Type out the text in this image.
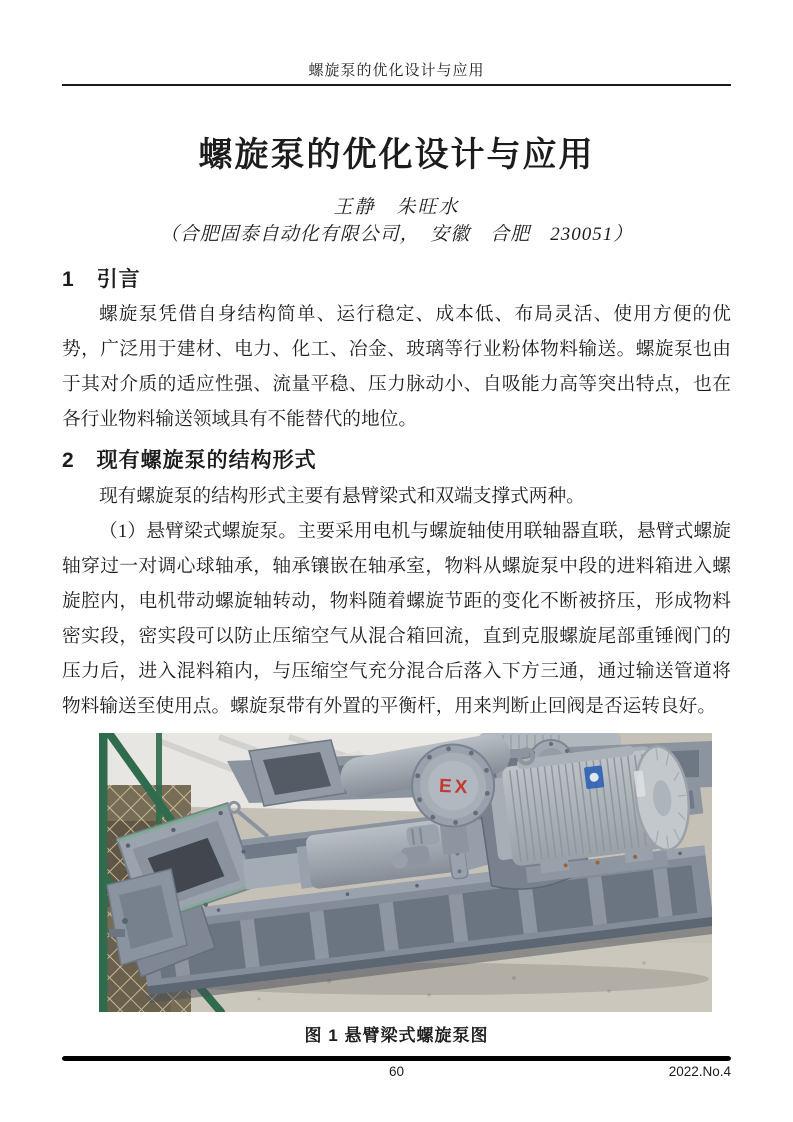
螺旋泵的优化设计与应用
螺旋泵的优化设计与应用
王静　朱旺水
（合肥固泰自动化有限公司，　安徽　合肥　230051）
1　引言
螺旋泵凭借自身结构简单、运行稳定、成本低、布局灵活、使用方便的优势，广泛用于建材、电力、化工、冶金、玻璃等行业粉体物料输送。螺旋泵也由于其对介质的适应性强、流量平稳、压力脉动小、自吸能力高等突出特点，也在各行业物料输送领域具有不能替代的地位。
2　现有螺旋泵的结构形式
现有螺旋泵的结构形式主要有悬臂梁式和双端支撑式两种。
（1）悬臂梁式螺旋泵。主要采用电机与螺旋轴使用联轴器直联，悬臂式螺旋轴穿过一对调心球轴承，轴承镶嵌在轴承室，物料从螺旋泵中段的进料箱进入螺旋腔内，电机带动螺旋轴转动，物料随着螺旋节距的变化不断被挤压，形成物料密实段，密实段可以防止压缩空气从混合箱回流，直到克服螺旋尾部重锤阀门的压力后，进入混料箱内，与压缩空气充分混合后落入下方三通，通过输送管道将物料输送至使用点。螺旋泵带有外置的平衡杆，用来判断止回阀是否运转良好。
EX
图 1 悬臂梁式螺旋泵图
60	2022.No.4
